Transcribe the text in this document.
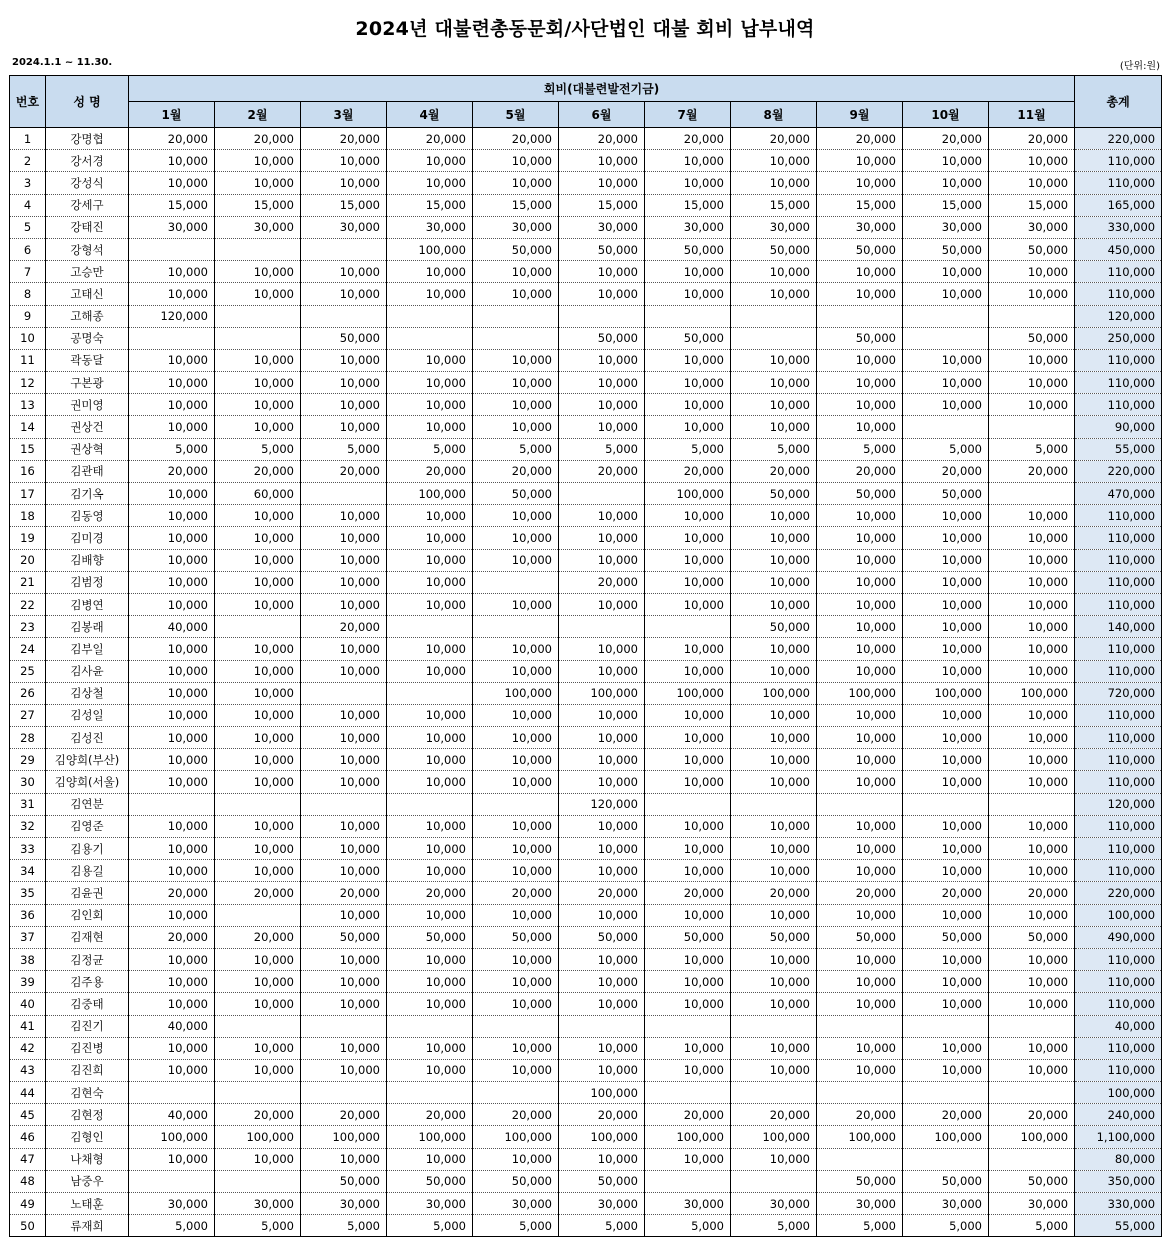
2024년 대불련총동문회/사단법인 대불 회비 납부내역
2024.1.1 ~ 11.30.	(단위:원)
번호	성 명	회비(대불련발전기금)											총계
		1월	2월	3월	4월	5월	6월	7월	8월	9월	10월	11월	
1	강명협	20,000	20,000	20,000	20,000	20,000	20,000	20,000	20,000	20,000	20,000	20,000	220,000
2	강서경	10,000	10,000	10,000	10,000	10,000	10,000	10,000	10,000	10,000	10,000	10,000	110,000
3	강성식	10,000	10,000	10,000	10,000	10,000	10,000	10,000	10,000	10,000	10,000	10,000	110,000
4	강세구	15,000	15,000	15,000	15,000	15,000	15,000	15,000	15,000	15,000	15,000	15,000	165,000
5	강태진	30,000	30,000	30,000	30,000	30,000	30,000	30,000	30,000	30,000	30,000	30,000	330,000
6	강형석				100,000	50,000	50,000	50,000	50,000	50,000	50,000	50,000	450,000
7	고승만	10,000	10,000	10,000	10,000	10,000	10,000	10,000	10,000	10,000	10,000	10,000	110,000
8	고태신	10,000	10,000	10,000	10,000	10,000	10,000	10,000	10,000	10,000	10,000	10,000	110,000
9	고해종	120,000											120,000
10	공명숙			50,000			50,000	50,000		50,000		50,000	250,000
11	곽동달	10,000	10,000	10,000	10,000	10,000	10,000	10,000	10,000	10,000	10,000	10,000	110,000
12	구본광	10,000	10,000	10,000	10,000	10,000	10,000	10,000	10,000	10,000	10,000	10,000	110,000
13	권미영	10,000	10,000	10,000	10,000	10,000	10,000	10,000	10,000	10,000	10,000	10,000	110,000
14	권상건	10,000	10,000	10,000	10,000	10,000	10,000	10,000	10,000	10,000			90,000
15	권상혁	5,000	5,000	5,000	5,000	5,000	5,000	5,000	5,000	5,000	5,000	5,000	55,000
16	김관태	20,000	20,000	20,000	20,000	20,000	20,000	20,000	20,000	20,000	20,000	20,000	220,000
17	김기옥	10,000	60,000		100,000	50,000		100,000	50,000	50,000	50,000		470,000
18	김동영	10,000	10,000	10,000	10,000	10,000	10,000	10,000	10,000	10,000	10,000	10,000	110,000
19	김미경	10,000	10,000	10,000	10,000	10,000	10,000	10,000	10,000	10,000	10,000	10,000	110,000
20	김배향	10,000	10,000	10,000	10,000	10,000	10,000	10,000	10,000	10,000	10,000	10,000	110,000
21	김범정	10,000	10,000	10,000	10,000		20,000	10,000	10,000	10,000	10,000	10,000	110,000
22	김병연	10,000	10,000	10,000	10,000	10,000	10,000	10,000	10,000	10,000	10,000	10,000	110,000
23	김봉래	40,000		20,000					50,000	10,000	10,000	10,000	140,000
24	김부일	10,000	10,000	10,000	10,000	10,000	10,000	10,000	10,000	10,000	10,000	10,000	110,000
25	김사윤	10,000	10,000	10,000	10,000	10,000	10,000	10,000	10,000	10,000	10,000	10,000	110,000
26	김상철	10,000	10,000			100,000	100,000	100,000	100,000	100,000	100,000	100,000	720,000
27	김성일	10,000	10,000	10,000	10,000	10,000	10,000	10,000	10,000	10,000	10,000	10,000	110,000
28	김성진	10,000	10,000	10,000	10,000	10,000	10,000	10,000	10,000	10,000	10,000	10,000	110,000
29	김양희(부산)	10,000	10,000	10,000	10,000	10,000	10,000	10,000	10,000	10,000	10,000	10,000	110,000
30	김양희(서울)	10,000	10,000	10,000	10,000	10,000	10,000	10,000	10,000	10,000	10,000	10,000	110,000
31	김연분						120,000						120,000
32	김영준	10,000	10,000	10,000	10,000	10,000	10,000	10,000	10,000	10,000	10,000	10,000	110,000
33	김용기	10,000	10,000	10,000	10,000	10,000	10,000	10,000	10,000	10,000	10,000	10,000	110,000
34	김용길	10,000	10,000	10,000	10,000	10,000	10,000	10,000	10,000	10,000	10,000	10,000	110,000
35	김윤권	20,000	20,000	20,000	20,000	20,000	20,000	20,000	20,000	20,000	20,000	20,000	220,000
36	김인회	10,000		10,000	10,000	10,000	10,000	10,000	10,000	10,000	10,000	10,000	100,000
37	김재현	20,000	20,000	50,000	50,000	50,000	50,000	50,000	50,000	50,000	50,000	50,000	490,000
38	김정균	10,000	10,000	10,000	10,000	10,000	10,000	10,000	10,000	10,000	10,000	10,000	110,000
39	김주용	10,000	10,000	10,000	10,000	10,000	10,000	10,000	10,000	10,000	10,000	10,000	110,000
40	김중태	10,000	10,000	10,000	10,000	10,000	10,000	10,000	10,000	10,000	10,000	10,000	110,000
41	김진기	40,000											40,000
42	김진병	10,000	10,000	10,000	10,000	10,000	10,000	10,000	10,000	10,000	10,000	10,000	110,000
43	김진희	10,000	10,000	10,000	10,000	10,000	10,000	10,000	10,000	10,000	10,000	10,000	110,000
44	김현숙						100,000						100,000
45	김현정	40,000	20,000	20,000	20,000	20,000	20,000	20,000	20,000	20,000	20,000	20,000	240,000
46	김형인	100,000	100,000	100,000	100,000	100,000	100,000	100,000	100,000	100,000	100,000	100,000	1,100,000
47	나채형	10,000	10,000	10,000	10,000	10,000	10,000	10,000	10,000				80,000
48	남중우			50,000	50,000	50,000	50,000			50,000	50,000	50,000	350,000
49	노태훈	30,000	30,000	30,000	30,000	30,000	30,000	30,000	30,000	30,000	30,000	30,000	330,000
50	류재희	5,000	5,000	5,000	5,000	5,000	5,000	5,000	5,000	5,000	5,000	5,000	55,000
